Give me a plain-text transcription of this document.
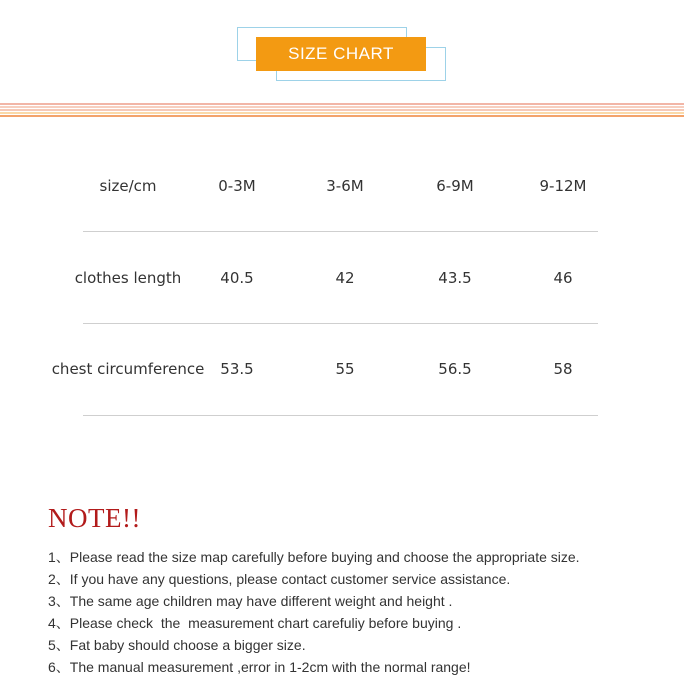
SIZE CHART
size/cm	0-3M	3-6M	6-9M	9-12M
clothes length	40.5	42	43.5	46
chest circumference	53.5	55	56.5	58
NOTE!!
1、Please read the size map carefully before buying and choose the appropriate size.
2、If you have any questions, please contact customer service assistance.
3、The same age children may have different weight and height .
4、Please check  the  measurement chart carefuliy before buying .
5、Fat baby should choose a bigger size.
6、The manual measurement ,error in 1-2cm with the normal range!
